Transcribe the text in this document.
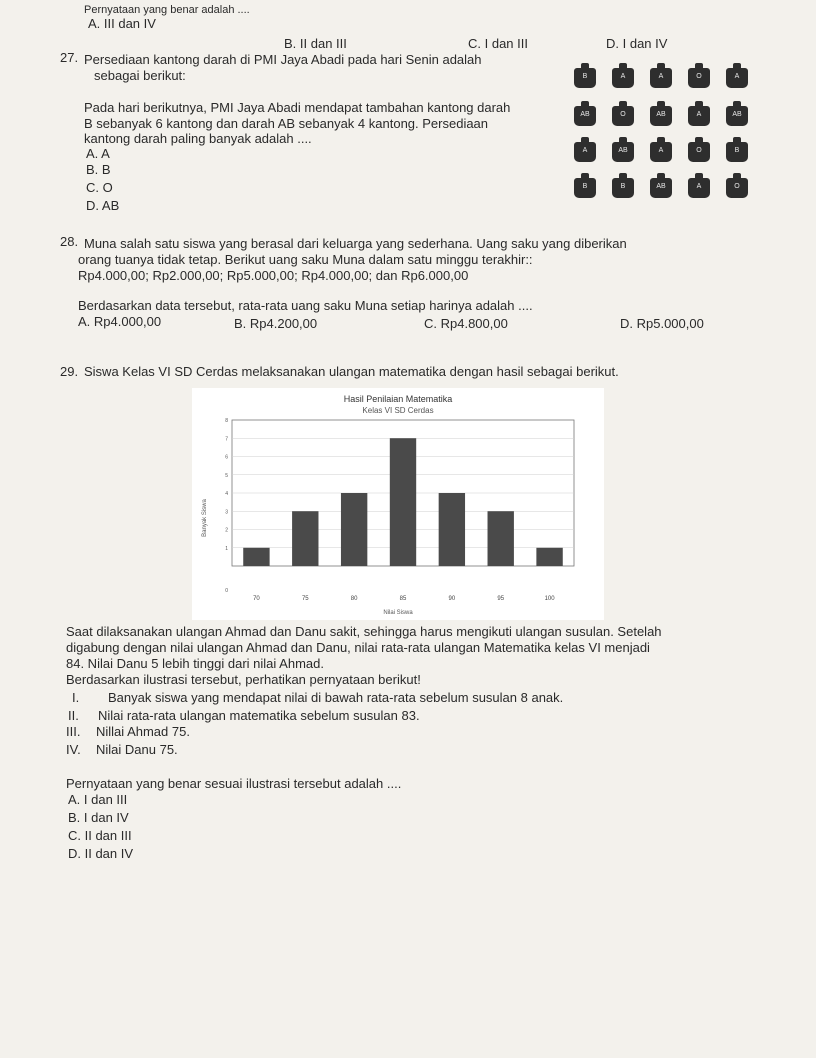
Pernyataan yang benar adalah ....
A. III dan IV
B. II dan III	C. I dan III	D. I dan IV
27. Persediaan kantong darah di PMI Jaya Abadi pada hari Senin adalah
sebagai berikut:
Pada hari berikutnya, PMI Jaya Abadi mendapat tambahan kantong darah
B sebanyak 6 kantong dan darah AB sebanyak 4 kantong. Persediaan
kantong darah paling banyak adalah ....
A. A
B. B
C. O
D. AB
B	A	A	O	A
AB	O	AB	A	AB
A	AB	A	O	B
B	B	AB	A	O
28. Muna salah satu siswa yang berasal dari keluarga yang sederhana. Uang saku yang diberikan
orang tuanya tidak tetap. Berikut uang saku Muna dalam satu minggu terakhir::
Rp4.000,00; Rp2.000,00; Rp5.000,00; Rp4.000,00; dan Rp6.000,00
Berdasarkan data tersebut, rata-rata uang saku Muna setiap harinya adalah ....
A. Rp4.000,00	B. Rp4.200,00	C. Rp4.800,00	D. Rp5.000,00
29. Siswa Kelas VI SD Cerdas melaksanakan ulangan matematika dengan hasil sebagai berikut.
Hasil Penilaian Matematika
Kelas VI SD Cerdas
70	75	80	85	90	95	100
0
1
2
3
4
5
6
7
8
Nilai Siswa
Banyak Siswa
Saat dilaksanakan ulangan Ahmad dan Danu sakit, sehingga harus mengikuti ulangan susulan. Setelah
digabung dengan nilai ulangan Ahmad dan Danu, nilai rata-rata ulangan Matematika kelas VI menjadi
84. Nilai Danu 5 lebih tinggi dari nilai Ahmad.
Berdasarkan ilustrasi tersebut, perhatikan pernyataan berikut!
I. Banyak siswa yang mendapat nilai di bawah rata-rata sebelum susulan 8 anak.
II. Nilai rata-rata ulangan matematika sebelum susulan 83.
III. Nillai Ahmad 75.
IV. Nilai Danu 75.
Pernyataan yang benar sesuai ilustrasi tersebut adalah ....
A. I dan III
B. I dan IV
C. II dan III
D. II dan IV
